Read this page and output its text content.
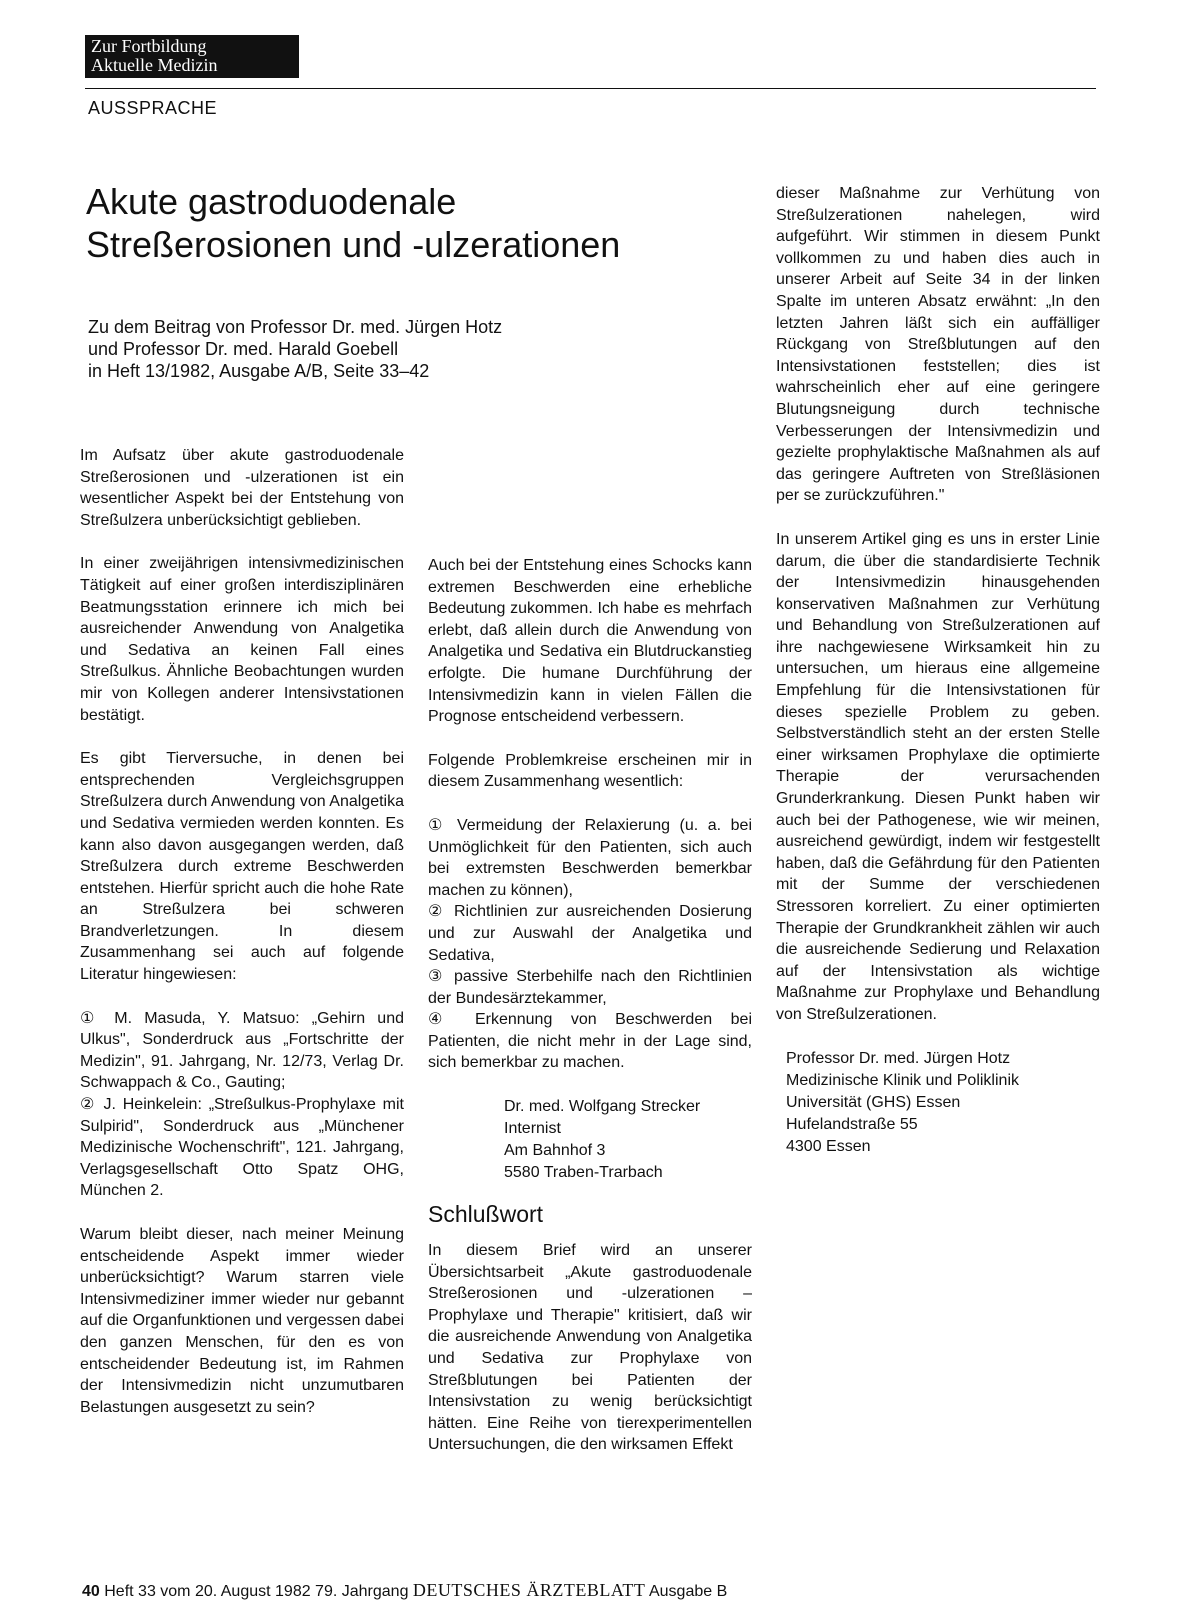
Zur Fortbildung
Aktuelle Medizin
AUSSPRACHE
Akute gastroduodenale
Streßerosionen und -ulzerationen
Zu dem Beitrag von Professor Dr. med. Jürgen Hotz
und Professor Dr. med. Harald Goebell
in Heft 13/1982, Ausgabe A/B, Seite 33–42

Im Aufsatz über akute gastroduodenale Streßerosionen und -ulzerationen ist ein wesentlicher Aspekt bei der Entstehung von Streßulzera unberücksichtigt geblieben.

In einer zweijährigen intensivmedizinischen Tätigkeit auf einer großen interdisziplinären Beatmungsstation erinnere ich mich bei ausreichender Anwendung von Analgetika und Sedativa an keinen Fall eines Streßulkus. Ähnliche Beobachtungen wurden mir von Kollegen anderer Intensivstationen bestätigt.

Es gibt Tierversuche, in denen bei entsprechenden Vergleichsgruppen Streßulzera durch Anwendung von Analgetika und Sedativa vermieden werden konnten. Es kann also davon ausgegangen werden, daß Streßulzera durch extreme Beschwerden entstehen. Hierfür spricht auch die hohe Rate an Streßulzera bei schweren Brandverletzungen. In diesem Zusammenhang sei auch auf folgende Literatur hingewiesen:

① M. Masuda, Y. Matsuo: „Gehirn und Ulkus", Sonderdruck aus „Fortschritte der Medizin", 91. Jahrgang, Nr. 12/73, Verlag Dr. Schwappach & Co., Gauting;

② J. Heinkelein: „Streßulkus-Prophylaxe mit Sulpirid", Sonderdruck aus „Münchener Medizinische Wochenschrift", 121. Jahrgang, Verlagsgesellschaft Otto Spatz OHG, München 2.

Warum bleibt dieser, nach meiner Meinung entscheidende Aspekt immer wieder unberücksichtigt? Warum starren viele Intensivmediziner immer wieder nur gebannt auf die Organfunktionen und vergessen dabei den ganzen Menschen, für den es von entscheidender Bedeutung ist, im Rahmen der Intensivmedizin nicht unzumutbaren Belastungen ausgesetzt zu sein?

Auch bei der Entstehung eines Schocks kann extremen Beschwerden eine erhebliche Bedeutung zukommen. Ich habe es mehrfach erlebt, daß allein durch die Anwendung von Analgetika und Sedativa ein Blutdruckanstieg erfolgte. Die humane Durchführung der Intensivmedizin kann in vielen Fällen die Prognose entscheidend verbessern.

Folgende Problemkreise erscheinen mir in diesem Zusammenhang wesentlich:

① Vermeidung der Relaxierung (u. a. bei Unmöglichkeit für den Patienten, sich auch bei extremsten Beschwerden bemerkbar machen zu können),

② Richtlinien zur ausreichenden Dosierung und zur Auswahl der Analgetika und Sedativa,

③ passive Sterbehilfe nach den Richtlinien der Bundesärztekammer,

④ Erkennung von Beschwerden bei Patienten, die nicht mehr in der Lage sind, sich bemerkbar zu machen.

Dr. med. Wolfgang Strecker
Internist
Am Bahnhof 3
5580 Traben-Trarbach
Schlußwort

In diesem Brief wird an unserer Übersichtsarbeit „Akute gastroduodenale Streßerosionen und -ulzerationen – Prophylaxe und Therapie" kritisiert, daß wir die ausreichende Anwendung von Analgetika und Sedativa zur Prophylaxe von Streßblutungen bei Patienten der Intensivstation zu wenig berücksichtigt hätten. Eine Reihe von tierexperimentellen Untersuchungen, die den wirksamen Effekt

dieser Maßnahme zur Verhütung von Streßulzerationen nahelegen, wird aufgeführt. Wir stimmen in diesem Punkt vollkommen zu und haben dies auch in unserer Arbeit auf Seite 34 in der linken Spalte im unteren Absatz erwähnt: „In den letzten Jahren läßt sich ein auffälliger Rückgang von Streßblutungen auf den Intensivstationen feststellen; dies ist wahrscheinlich eher auf eine geringere Blutungsneigung durch technische Verbesserungen der Intensivmedizin und gezielte prophylaktische Maßnahmen als auf das geringere Auftreten von Streßläsionen per se zurückzuführen."

In unserem Artikel ging es uns in erster Linie darum, die über die standardisierte Technik der Intensivmedizin hinausgehenden konservativen Maßnahmen zur Verhütung und Behandlung von Streßulzerationen auf ihre nachgewiesene Wirksamkeit hin zu untersuchen, um hieraus eine allgemeine Empfehlung für die Intensivstationen für dieses spezielle Problem zu geben. Selbstverständlich steht an der ersten Stelle einer wirksamen Prophylaxe die optimierte Therapie der verursachenden Grunderkrankung. Diesen Punkt haben wir auch bei der Pathogenese, wie wir meinen, ausreichend gewürdigt, indem wir festgestellt haben, daß die Gefährdung für den Patienten mit der Summe der verschiedenen Stressoren korreliert. Zu einer optimierten Therapie der Grundkrankheit zählen wir auch die ausreichende Sedierung und Relaxation auf der Intensivstation als wichtige Maßnahme zur Prophylaxe und Behandlung von Streßulzerationen.

Professor Dr. med. Jürgen Hotz
Medizinische Klinik und Poliklinik
Universität (GHS) Essen
Hufelandstraße 55
4300 Essen
40 Heft 33 vom 20. August 1982 79. Jahrgang DEUTSCHES ÄRZTEBLATT Ausgabe B
